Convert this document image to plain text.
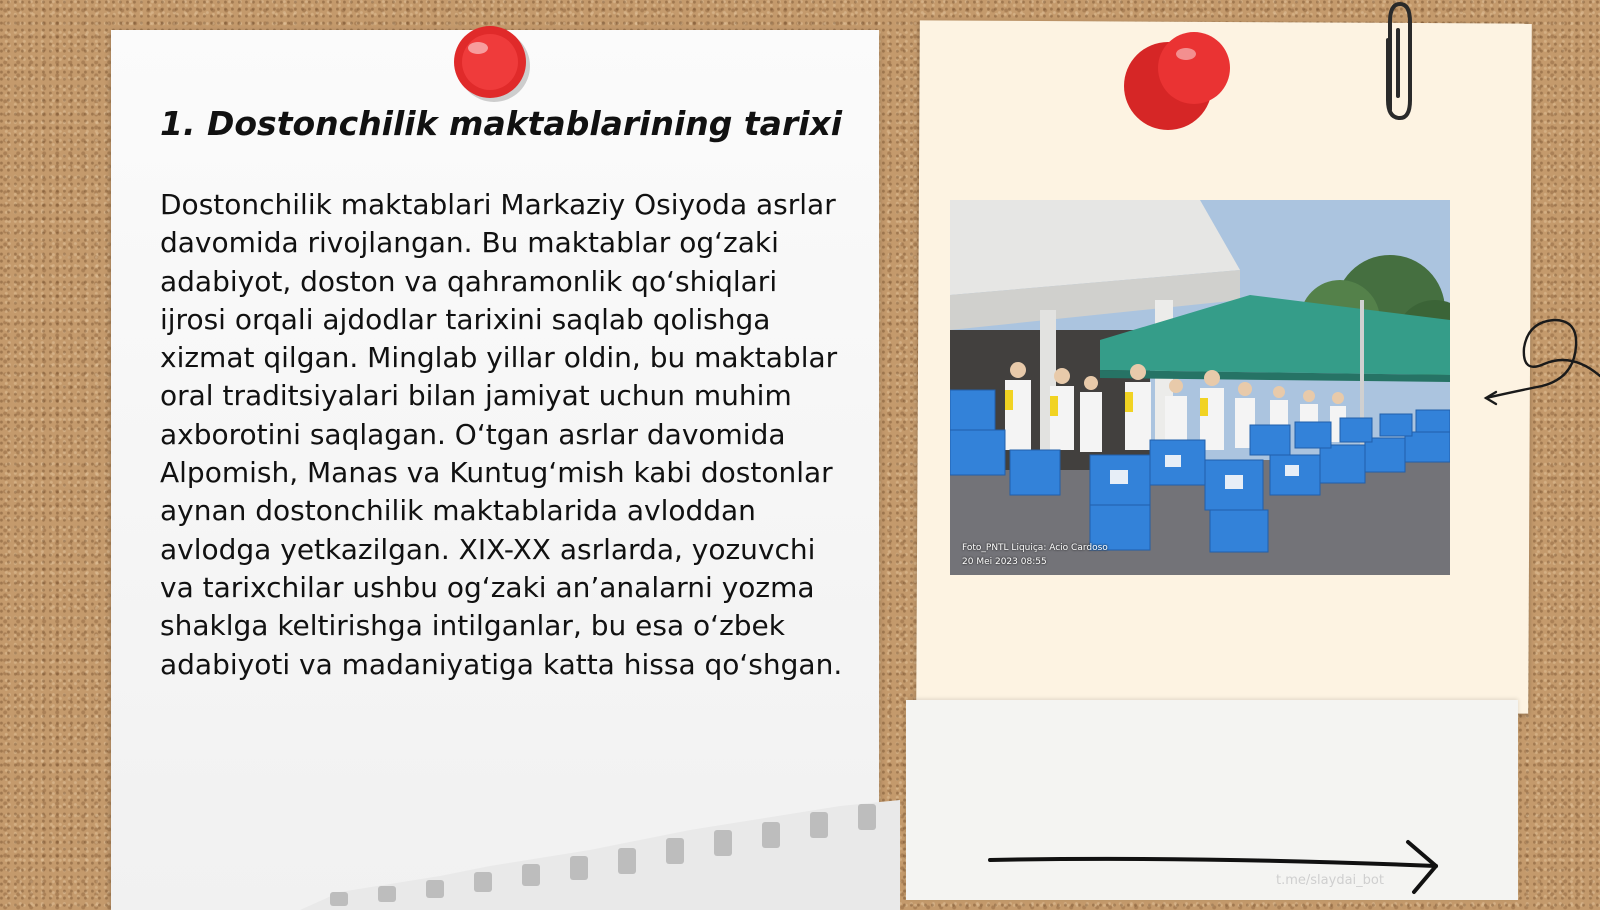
1. Dostonchilik maktablarining tarixi

Dostonchilik maktablari Markaziy Osiyoda asrlar davomida rivojlangan. Bu maktablar og‘zaki adabiyot, doston va qahramonlik qo‘shiqlari ijrosi orqali ajdodlar tarixini saqlab qolishga xizmat qilgan. Minglab yillar oldin, bu maktablar oral traditsiyalari bilan jamiyat uchun muhim axborotini saqlagan. O‘tgan asrlar davomida Alpomish, Manas va Kuntug‘mish kabi dostonlar aynan dostonchilik maktablarida avloddan avlodga yetkazilgan. XIX-XX asrlarda, yozuvchi va tarixchilar ushbu og‘zaki an’analarni yozma shaklga keltirishga intilganlar, bu esa o‘zbek adabiyoti va madaniyatiga katta hissa qo‘shgan.

Foto_PNTL Liquiça: Acio Cardoso
20 Mei 2023 08:55
t.me/slaydai_bot
